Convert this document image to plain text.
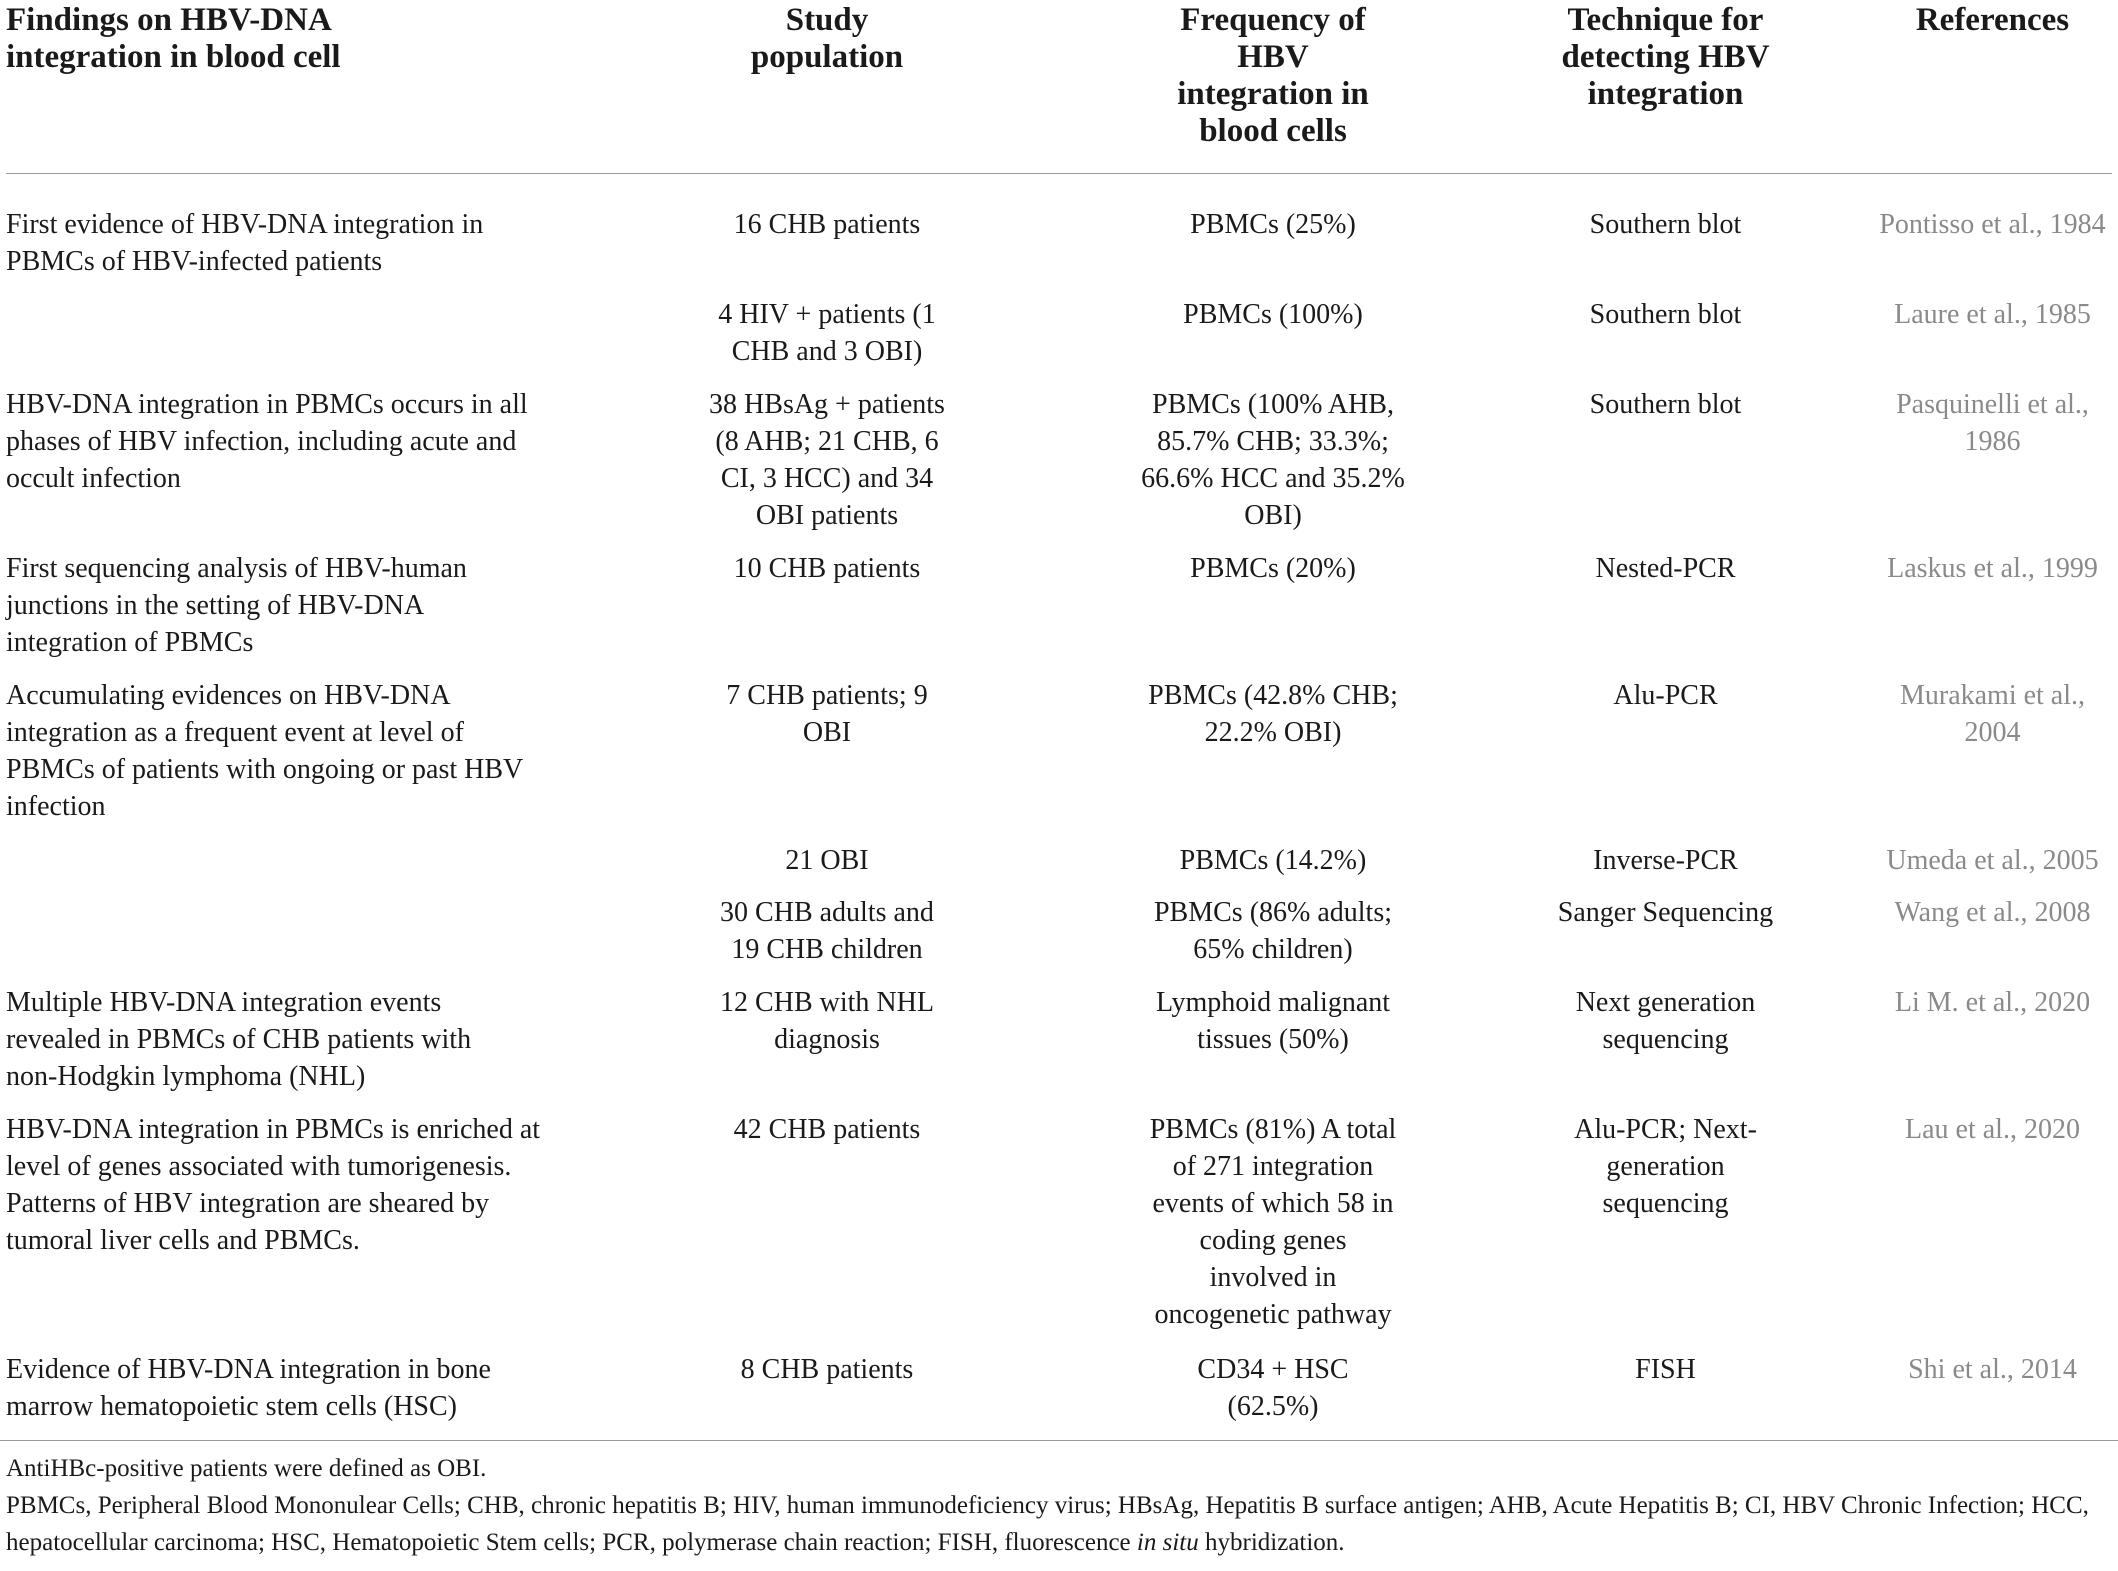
Findings on HBV-DNA integration in blood cell	Study population	Frequency of HBV integration in blood cells	Technique for detecting HBV integration	References

First evidence of HBV-DNA integration in PBMCs of HBV-infected patients	16 CHB patients	PBMCs (25%)	Southern blot	Pontisso et al., 1984

	4 HIV + patients (1 CHB and 3 OBI)	PBMCs (100%)	Southern blot	Laure et al., 1985

HBV-DNA integration in PBMCs occurs in all phases of HBV infection, including acute and occult infection	38 HBsAg + patients (8 AHB; 21 CHB, 6 CI, 3 HCC) and 34 OBI patients	PBMCs (100% AHB, 85.7% CHB; 33.3%; 66.6% HCC and 35.2% OBI)	Southern blot	Pasquinelli et al., 1986

First sequencing analysis of HBV-human junctions in the setting of HBV-DNA integration of PBMCs	10 CHB patients	PBMCs (20%)	Nested-PCR	Laskus et al., 1999

Accumulating evidences on HBV-DNA integration as a frequent event at level of PBMCs of patients with ongoing or past HBV infection	7 CHB patients; 9 OBI	PBMCs (42.8% CHB; 22.2% OBI)	Alu-PCR	Murakami et al., 2004

	21 OBI	PBMCs (14.2%)	Inverse-PCR	Umeda et al., 2005

	30 CHB adults and 19 CHB children	PBMCs (86% adults; 65% children)	Sanger Sequencing	Wang et al., 2008

Multiple HBV-DNA integration events revealed in PBMCs of CHB patients with non-Hodgkin lymphoma (NHL)	12 CHB with NHL diagnosis	Lymphoid malignant tissues (50%)	Next generation sequencing	Li M. et al., 2020

HBV-DNA integration in PBMCs is enriched at level of genes associated with tumorigenesis. Patterns of HBV integration are sheared by tumoral liver cells and PBMCs.	42 CHB patients	PBMCs (81%) A total of 271 integration events of which 58 in coding genes involved in oncogenetic pathway	Alu-PCR; Next-generation sequencing	Lau et al., 2020

Evidence of HBV-DNA integration in bone marrow hematopoietic stem cells (HSC)	8 CHB patients	CD34 + HSC (62.5%)	FISH	Shi et al., 2014

AntiHBc-positive patients were defined as OBI.

PBMCs, Peripheral Blood Mononulear Cells; CHB, chronic hepatitis B; HIV, human immunodeficiency virus; HBsAg, Hepatitis B surface antigen; AHB, Acute Hepatitis B; CI, HBV Chronic Infection; HCC, hepatocellular carcinoma; HSC, Hematopoietic Stem cells; PCR, polymerase chain reaction; FISH, fluorescence in situ hybridization.
